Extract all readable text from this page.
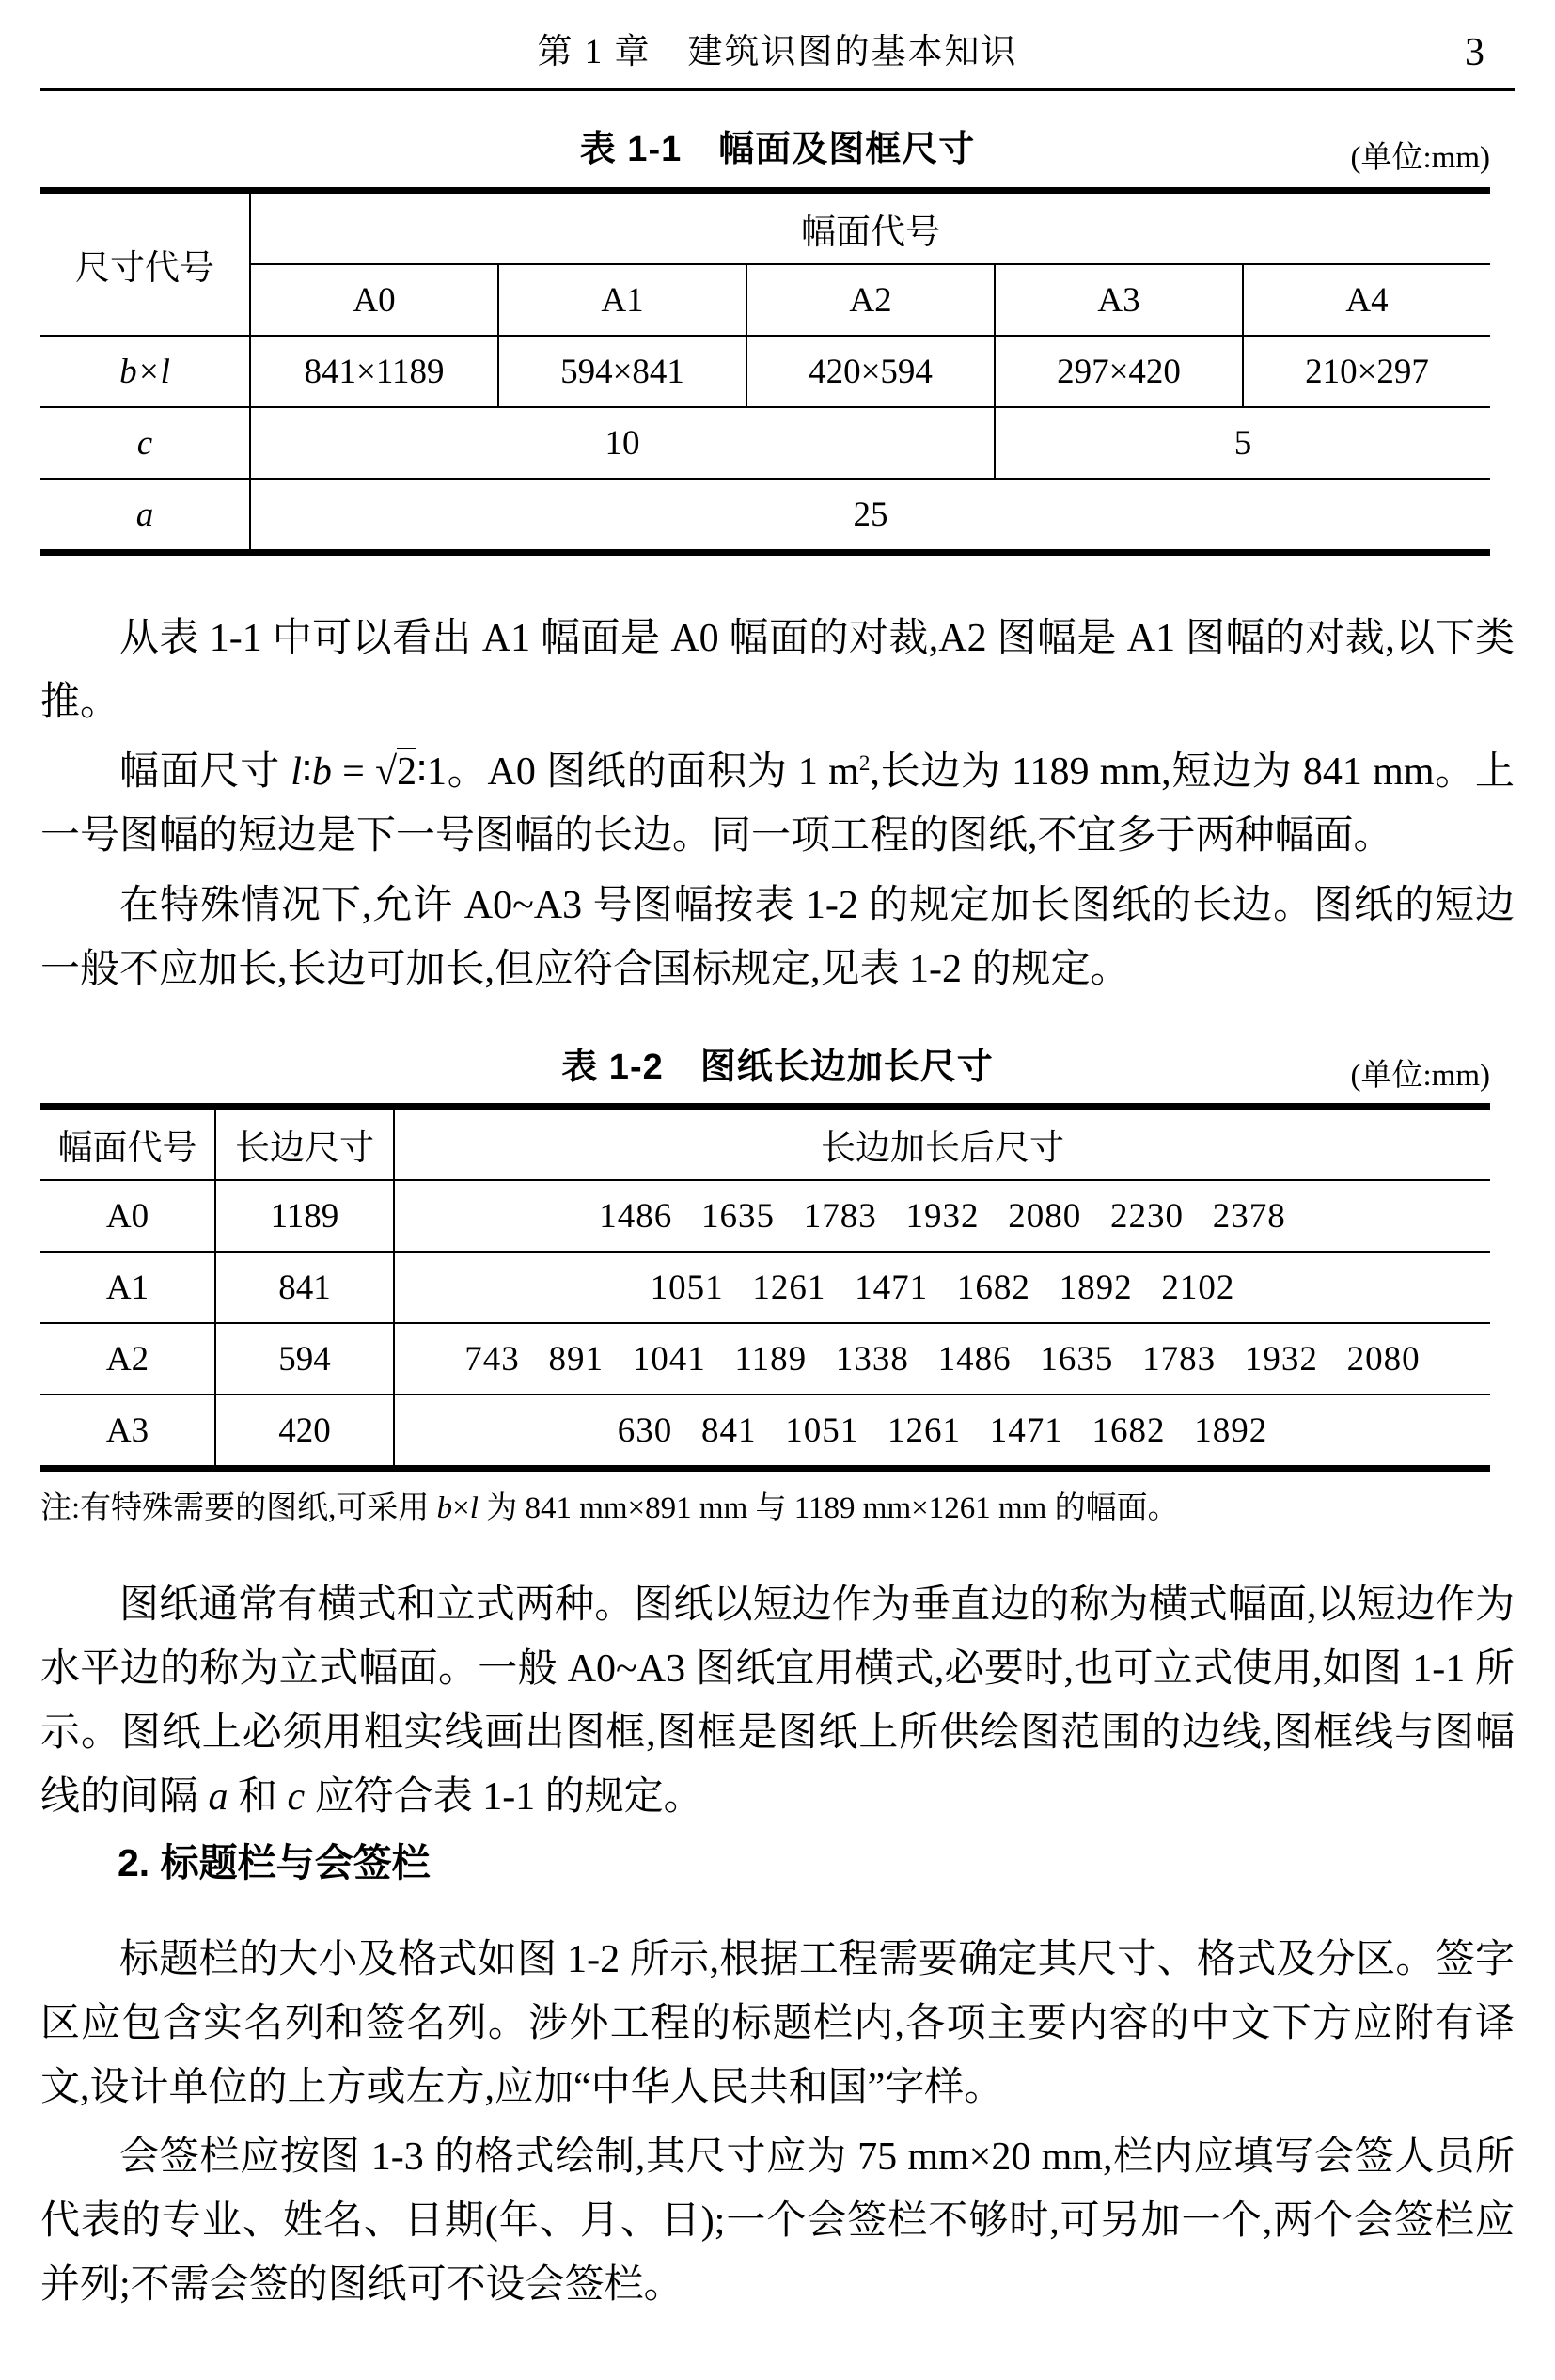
第 1 章　建筑识图的基本知识	3
表 1-1　幅面及图框尺寸	(单位:mm)
尺寸代号	幅面代号				
	A0	A1	A2	A3	A4
b×l	841×1189	594×841	420×594	297×420	210×297
c	10			5	
a	25				

从表 1-1 中可以看出 A1 幅面是 A0 幅面的对裁,A2 图幅是 A1 图幅的对裁,以下类推。

幅面尺寸 l∶b = √2∶1。A0 图纸的面积为 1 $m^2$,长边为 1189 mm,短边为 841 mm。上一号图幅的短边是下一号图幅的长边。同一项工程的图纸,不宜多于两种幅面。

在特殊情况下,允许 A0~A3 号图幅按表 1-2 的规定加长图纸的长边。图纸的短边一般不应加长,长边可加长,但应符合国标规定,见表 1-2 的规定。

表 1-2　图纸长边加长尺寸	(单位:mm)
幅面代号	长边尺寸	长边加长后尺寸
A0	1189	1486   1635   1783   1932   2080   2230   2378
A1	841	1051   1261   1471   1682   1892   2102
A2	594	743   891   1041   1189   1338   1486   1635   1783   1932   2080
A3	420	630   841   1051   1261   1471   1682   1892

注:有特殊需要的图纸,可采用 b×l 为 841 mm×891 mm 与 1189 mm×1261 mm 的幅面。

图纸通常有横式和立式两种。图纸以短边作为垂直边的称为横式幅面,以短边作为水平边的称为立式幅面。一般 A0~A3 图纸宜用横式,必要时,也可立式使用,如图 1-1 所示。图纸上必须用粗实线画出图框,图框是图纸上所供绘图范围的边线,图框线与图幅线的间隔 a 和 c 应符合表 1-1 的规定。

2. 标题栏与会签栏

标题栏的大小及格式如图 1-2 所示,根据工程需要确定其尺寸、格式及分区。签字区应包含实名列和签名列。涉外工程的标题栏内,各项主要内容的中文下方应附有译文,设计单位的上方或左方,应加“中华人民共和国”字样。

会签栏应按图 1-3 的格式绘制,其尺寸应为 75 mm×20 mm,栏内应填写会签人员所代表的专业、姓名、日期(年、月、日);一个会签栏不够时,可另加一个,两个会签栏应并列;不需会签的图纸可不设会签栏。
